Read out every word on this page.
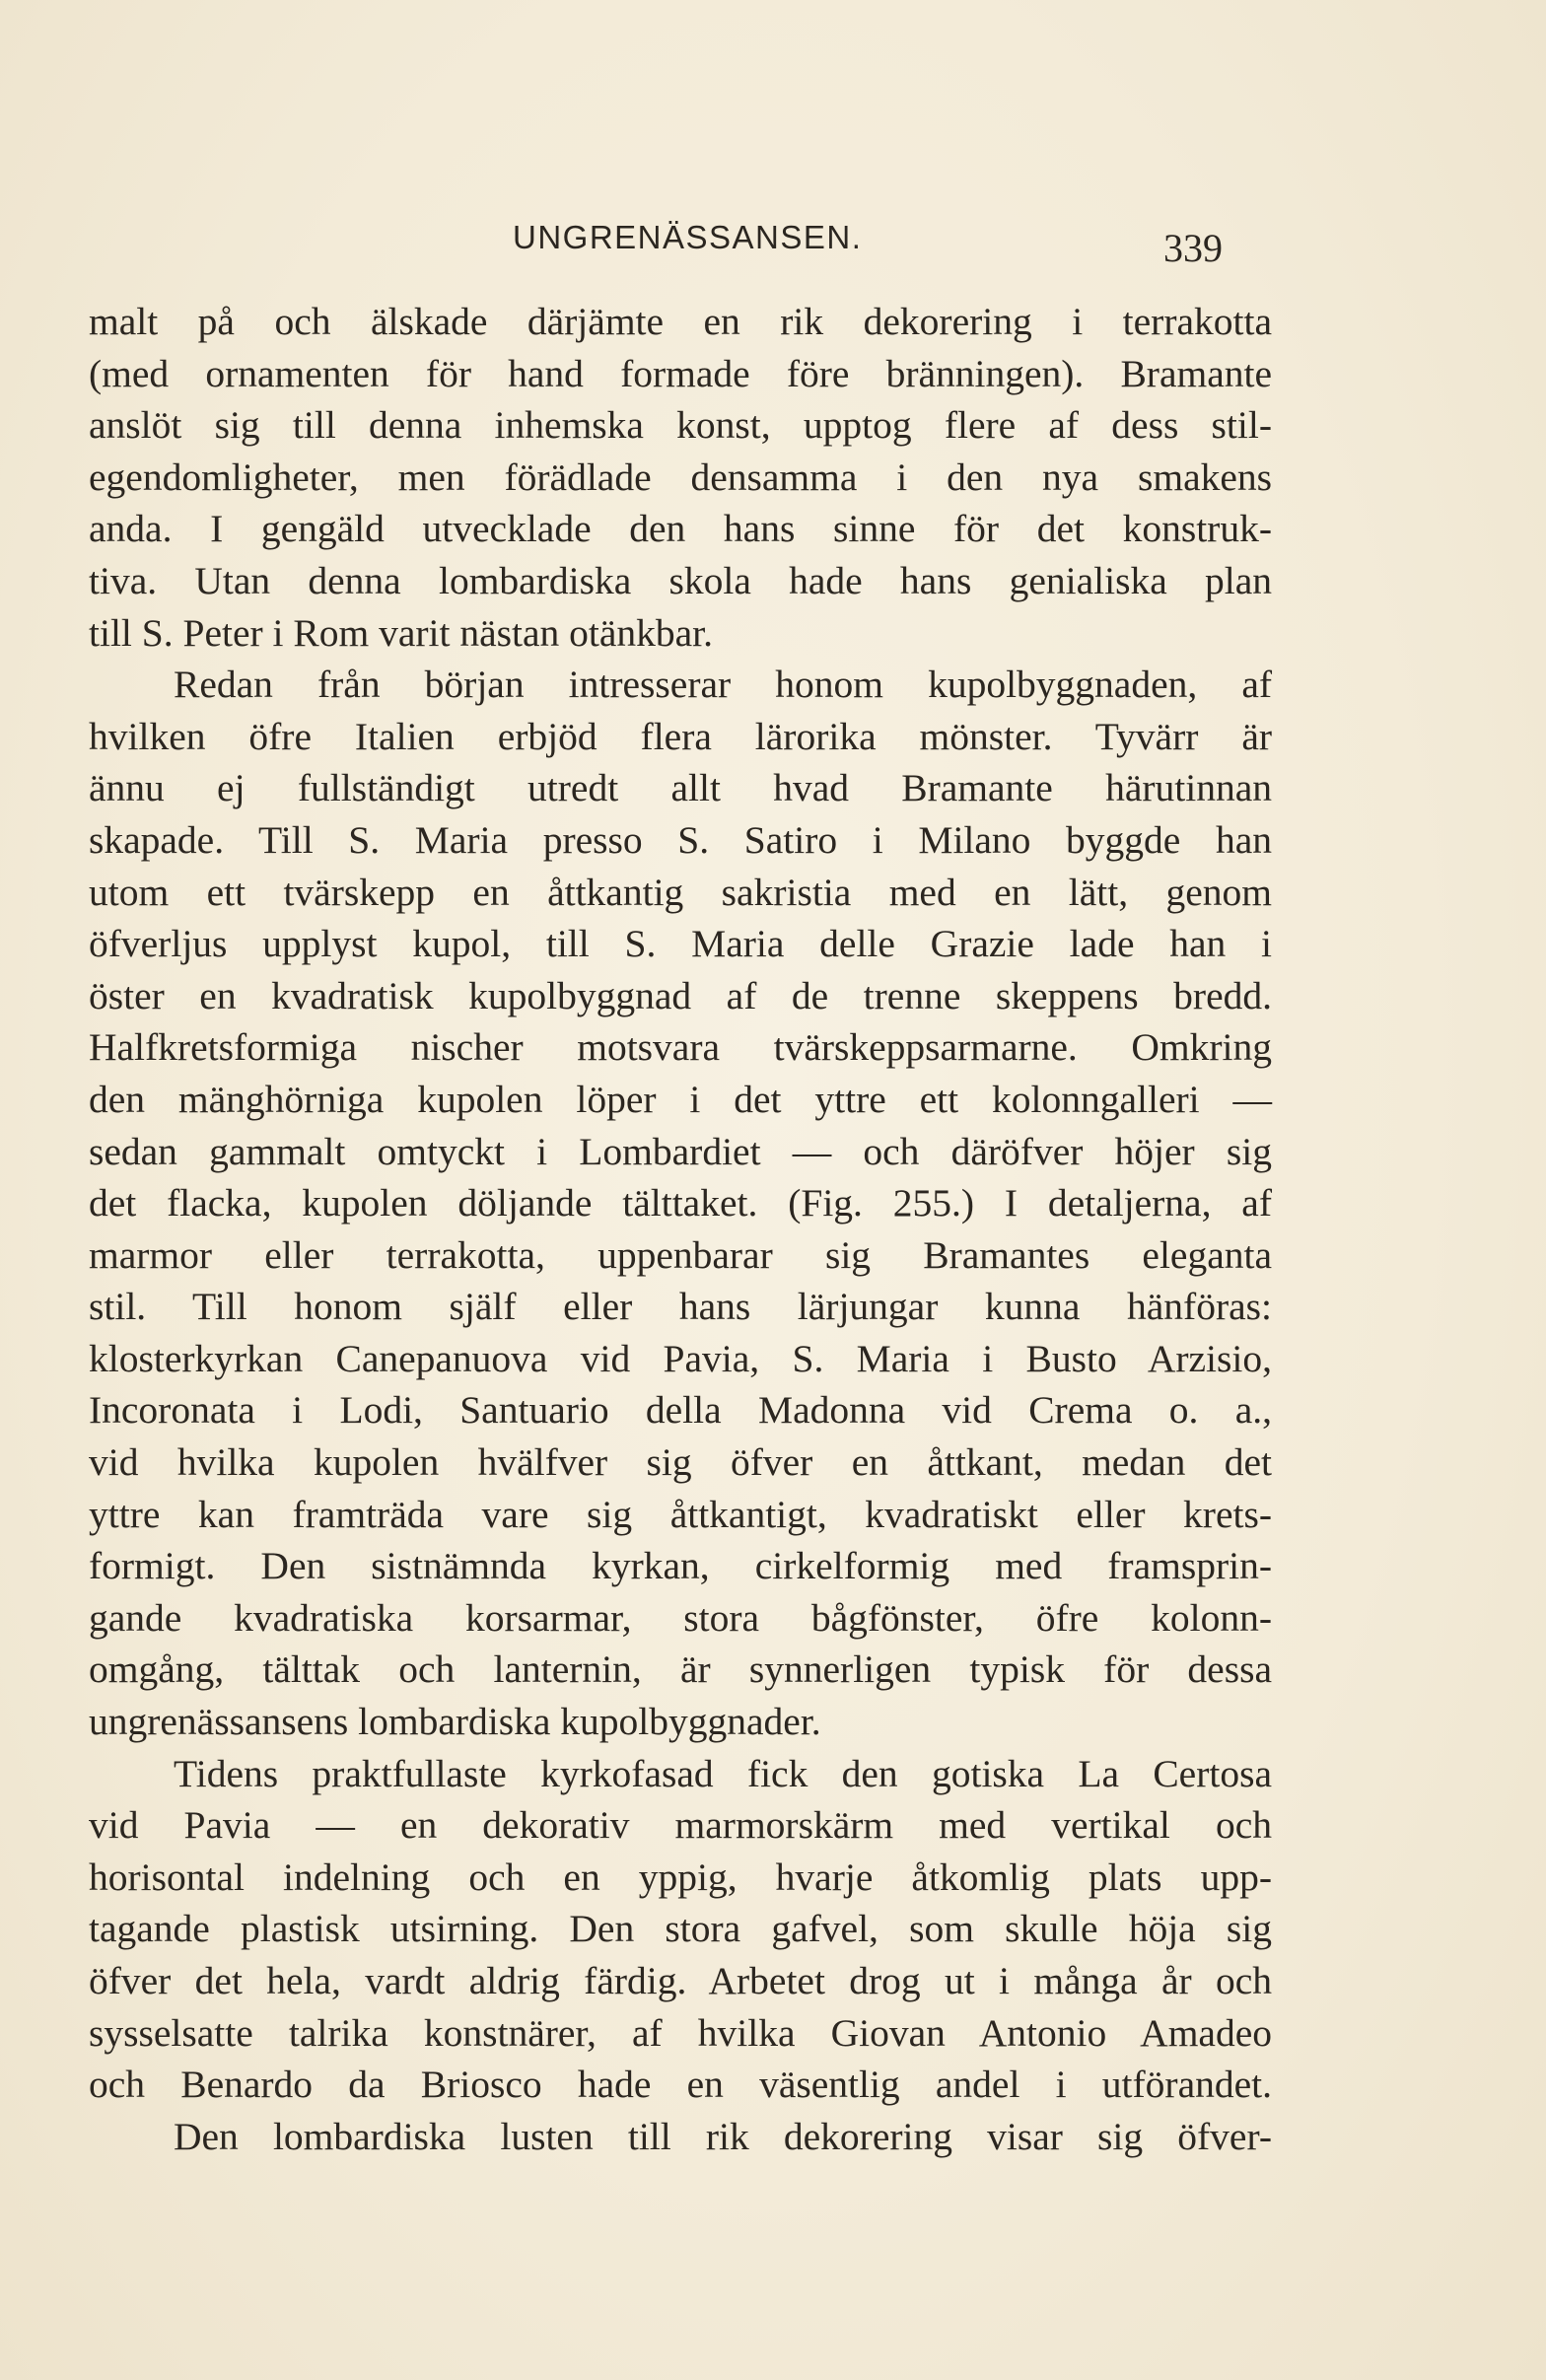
UNGRENÄSSANSEN.	339
malt på och älskade därjämte en rik dekorering i terrakotta
(med ornamenten för hand formade före bränningen). Bramante
anslöt sig till denna inhemska konst, upptog flere af dess stil-
egendomligheter, men förädlade densamma i den nya smakens
anda. I gengäld utvecklade den hans sinne för det konstruk-
tiva. Utan denna lombardiska skola hade hans genialiska plan
till S. Peter i Rom varit nästan otänkbar.
Redan från början intresserar honom kupolbyggnaden, af
hvilken öfre Italien erbjöd flera lärorika mönster. Tyvärr är
ännu ej fullständigt utredt allt hvad Bramante härutinnan
skapade. Till S. Maria presso S. Satiro i Milano byggde han
utom ett tvärskepp en åttkantig sakristia med en lätt, genom
öfverljus upplyst kupol, till S. Maria delle Grazie lade han i
öster en kvadratisk kupolbyggnad af de trenne skeppens bredd.
Halfkretsformiga nischer motsvara tvärskeppsarmarne. Omkring
den mänghörniga kupolen löper i det yttre ett kolonngalleri —
sedan gammalt omtyckt i Lombardiet — och däröfver höjer sig
det flacka, kupolen döljande tälttaket. (Fig. 255.) I detaljerna, af
marmor eller terrakotta, uppenbarar sig Bramantes eleganta
stil. Till honom själf eller hans lärjungar kunna hänföras:
klosterkyrkan Canepanuova vid Pavia, S. Maria i Busto Arzisio,
Incoronata i Lodi, Santuario della Madonna vid Crema o. a.,
vid hvilka kupolen hvälfver sig öfver en åttkant, medan det
yttre kan framträda vare sig åttkantigt, kvadratiskt eller krets-
formigt. Den sistnämnda kyrkan, cirkelformig med framsprin-
gande kvadratiska korsarmar, stora bågfönster, öfre kolonn-
omgång, tälttak och lanternin, är synnerligen typisk för dessa
ungrenässansens lombardiska kupolbyggnader.
Tidens praktfullaste kyrkofasad fick den gotiska La Certosa
vid Pavia — en dekorativ marmorskärm med vertikal och
horisontal indelning och en yppig, hvarje åtkomlig plats upp-
tagande plastisk utsirning. Den stora gafvel, som skulle höja sig
öfver det hela, vardt aldrig färdig. Arbetet drog ut i många år och
sysselsatte talrika konstnärer, af hvilka Giovan Antonio Amadeo
och Benardo da Briosco hade en väsentlig andel i utförandet.
Den lombardiska lusten till rik dekorering visar sig öfver-
